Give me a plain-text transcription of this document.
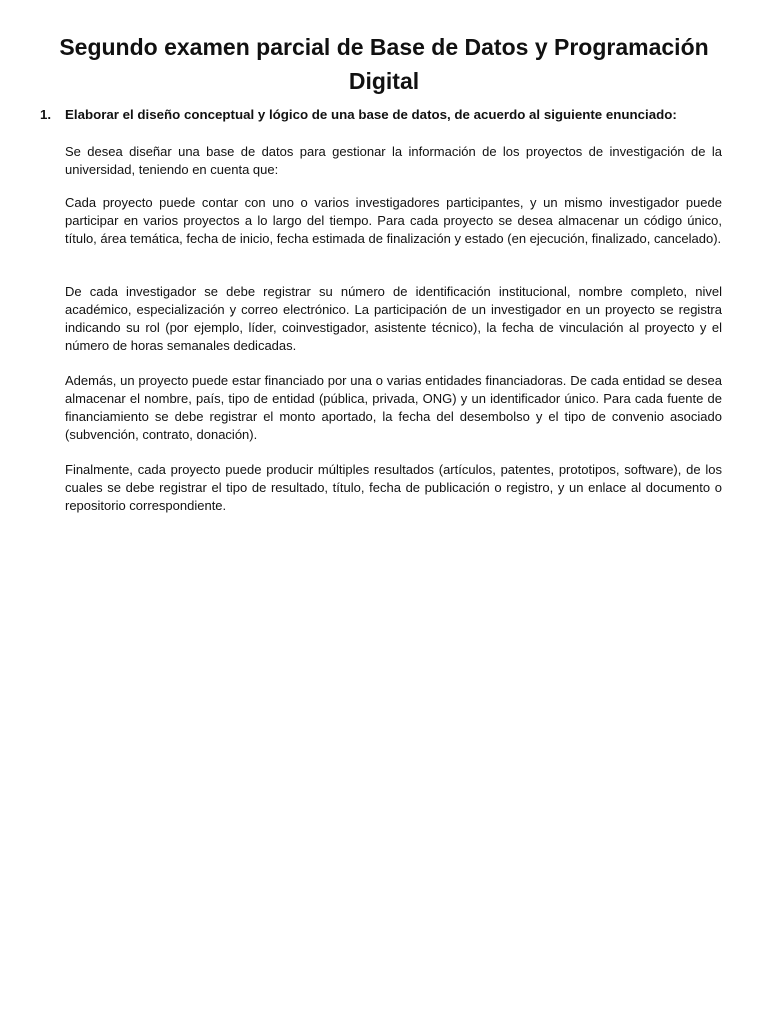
Segundo examen parcial de Base de Datos y Programación Digital
1.	Elaborar el diseño conceptual y lógico de una base de datos, de acuerdo al siguiente enunciado:

Se desea diseñar una base de datos para gestionar la información de los proyectos de investigación de la universidad, teniendo en cuenta que:

Cada proyecto puede contar con uno o varios investigadores participantes, y un mismo investigador puede participar en varios proyectos a lo largo del tiempo. Para cada proyecto se desea almacenar un código único, título, área temática, fecha de inicio, fecha estimada de finalización y estado (en ejecución, finalizado, cancelado).

De cada investigador se debe registrar su número de identificación institucional, nombre completo, nivel académico, especialización y correo electrónico. La participación de un investigador en un proyecto se registra indicando su rol (por ejemplo, líder, coinvestigador, asistente técnico), la fecha de vinculación al proyecto y el número de horas semanales dedicadas.

Además, un proyecto puede estar financiado por una o varias entidades financiadoras. De cada entidad se desea almacenar el nombre, país, tipo de entidad (pública, privada, ONG) y un identificador único. Para cada fuente de financiamiento se debe registrar el monto aportado, la fecha del desembolso y el tipo de convenio asociado (subvención, contrato, donación).

Finalmente, cada proyecto puede producir múltiples resultados (artículos, patentes, prototipos, software), de los cuales se debe registrar el tipo de resultado, título, fecha de publicación o registro, y un enlace al documento o repositorio correspondiente.
